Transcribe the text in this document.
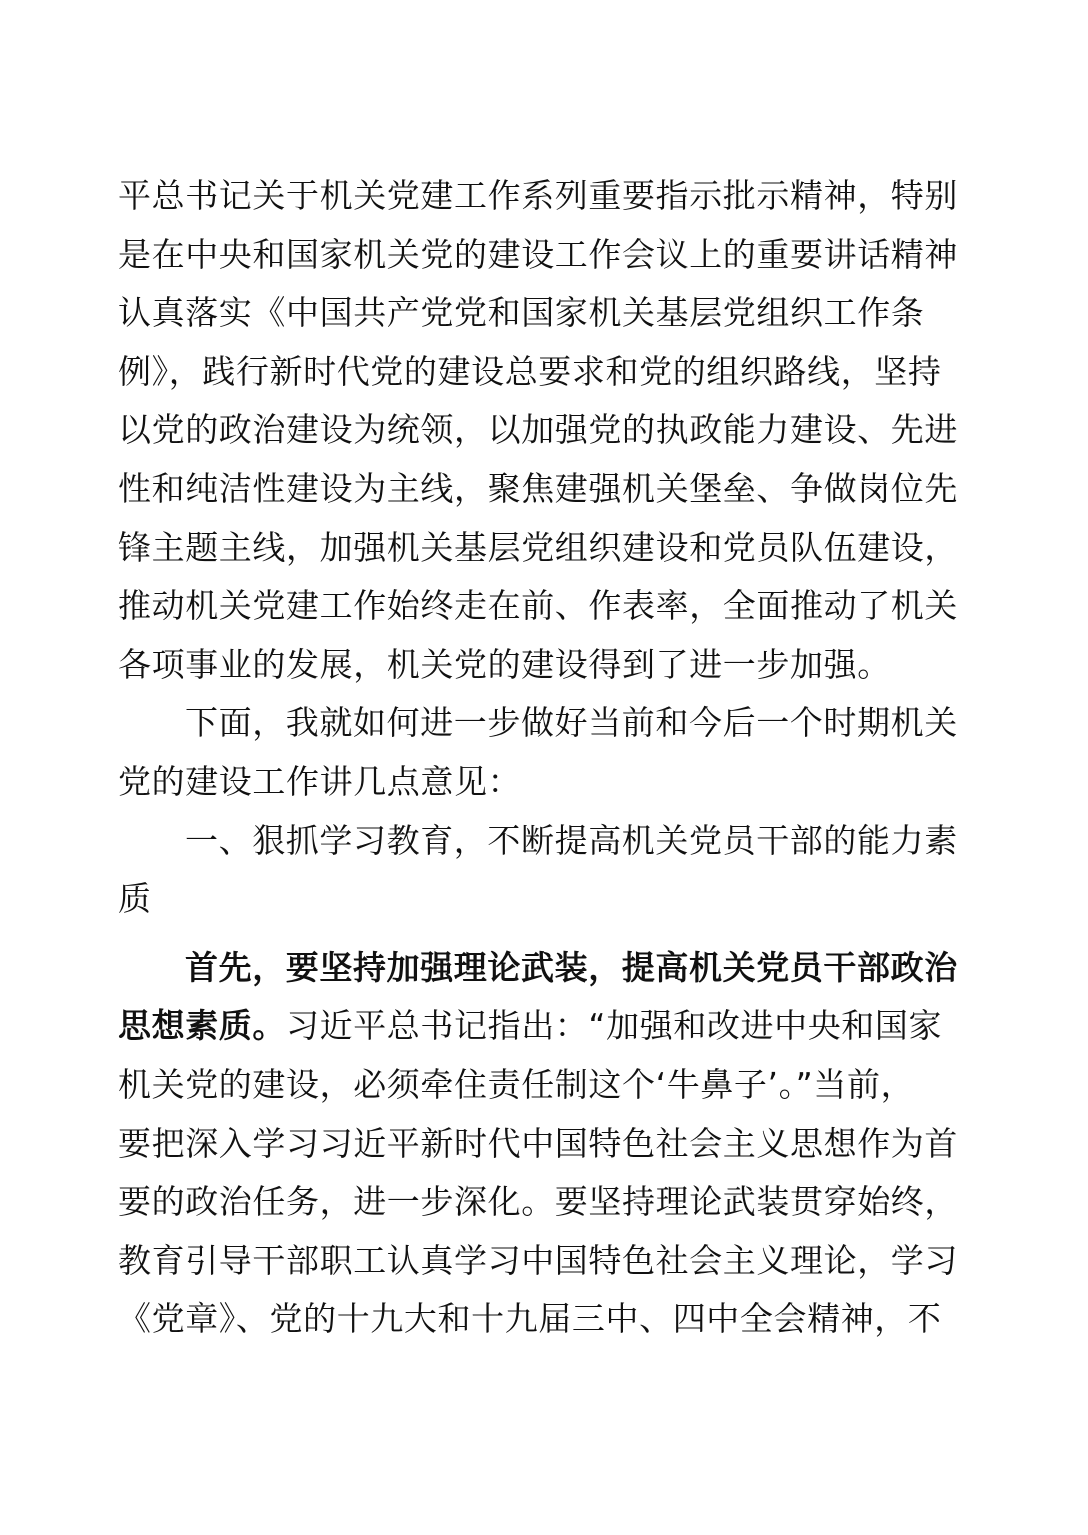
平总书记关于机关党建工作系列重要指示批示精神，特别
是在中央和国家机关党的建设工作会议上的重要讲话精神
认真落实《中国共产党党和国家机关基层党组织工作条
例》，践行新时代党的建设总要求和党的组织路线，坚持
以党的政治建设为统领，以加强党的执政能力建设、先进
性和纯洁性建设为主线，聚焦建强机关堡垒、争做岗位先
锋主题主线，加强机关基层党组织建设和党员队伍建设，
推动机关党建工作始终走在前、作表率，全面推动了机关
各项事业的发展，机关党的建设得到了进一步加强。
下面，我就如何进一步做好当前和今后一个时期机关
党的建设工作讲几点意见：
一、狠抓学习教育，不断提高机关党员干部的能力素
质
首先，要坚持加强理论武装，提高机关党员干部政治
思想素质。习近平总书记指出：“加强和改进中央和国家
机关党的建设，必须牵住责任制这个‘牛鼻子’。”当前，
要把深入学习习近平新时代中国特色社会主义思想作为首
要的政治任务，进一步深化。要坚持理论武装贯穿始终，
教育引导干部职工认真学习中国特色社会主义理论，学习
《党章》、党的十九大和十九届三中、四中全会精神，不
